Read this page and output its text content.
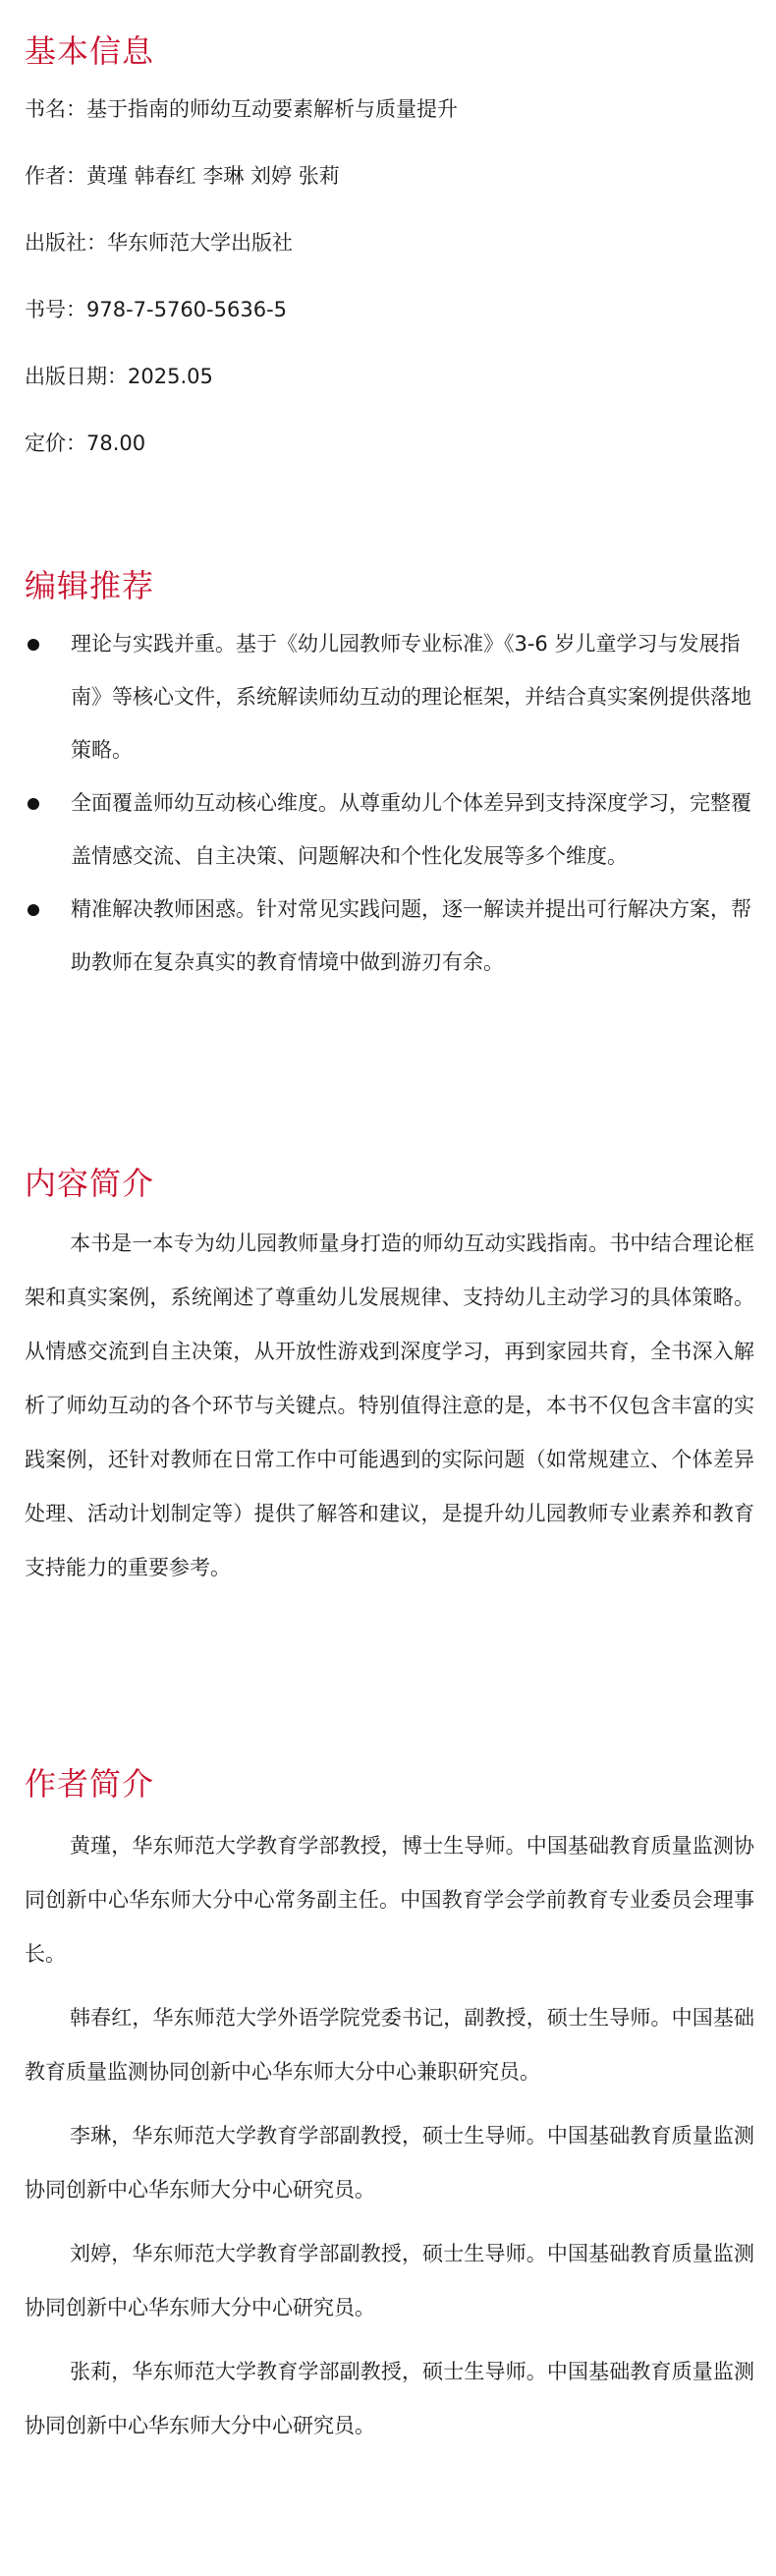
基本信息

书名：基于指南的师幼互动要素解析与质量提升

作者：黄瑾 韩春红 李琳 刘婷 张莉

出版社：华东师范大学出版社

书号：978-7-5760-5636-5

出版日期：2025.05

定价：78.00

编辑推荐
理论与实践并重。基于《幼儿园教师专业标准》《3-6 岁儿童学习与发展指南》等核心文件，系统解读师幼互动的理论框架，并结合真实案例提供落地策略。
全面覆盖师幼互动核心维度。从尊重幼儿个体差异到支持深度学习，完整覆盖情感交流、自主决策、问题解决和个性化发展等多个维度。
精准解决教师困惑。针对常见实践问题，逐一解读并提出可行解决方案，帮助教师在复杂真实的教育情境中做到游刃有余。
内容简介

本书是一本专为幼儿园教师量身打造的师幼互动实践指南。书中结合理论框架和真实案例，系统阐述了尊重幼儿发展规律、支持幼儿主动学习的具体策略。从情感交流到自主决策，从开放性游戏到深度学习，再到家园共育，全书深入解析了师幼互动的各个环节与关键点。特别值得注意的是，本书不仅包含丰富的实践案例，还针对教师在日常工作中可能遇到的实际问题（如常规建立、个体差异处理、活动计划制定等）提供了解答和建议，是提升幼儿园教师专业素养和教育支持能力的重要参考。

作者简介

黄瑾，华东师范大学教育学部教授，博士生导师。中国基础教育质量监测协同创新中心华东师大分中心常务副主任。中国教育学会学前教育专业委员会理事长。

韩春红，华东师范大学外语学院党委书记，副教授，硕士生导师。中国基础教育质量监测协同创新中心华东师大分中心兼职研究员。

李琳，华东师范大学教育学部副教授，硕士生导师。中国基础教育质量监测协同创新中心华东师大分中心研究员。

刘婷，华东师范大学教育学部副教授，硕士生导师。中国基础教育质量监测协同创新中心华东师大分中心研究员。

张莉，华东师范大学教育学部副教授，硕士生导师。中国基础教育质量监测协同创新中心华东师大分中心研究员。
